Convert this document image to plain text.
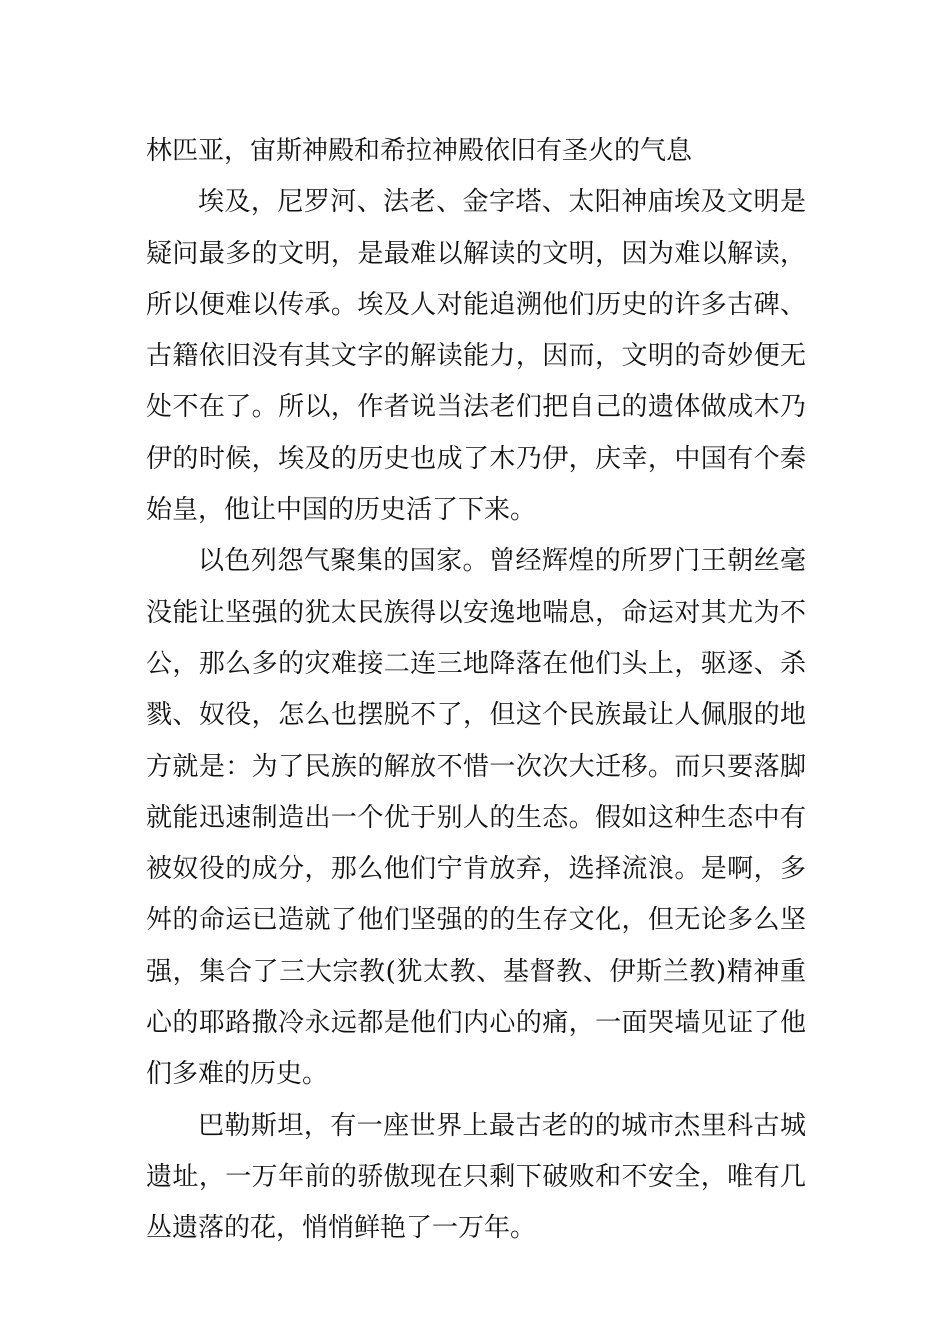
林匹亚，宙斯神殿和希拉神殿依旧有圣火的气息

埃及，尼罗河、法老、金字塔、太阳神庙埃及文明是疑问最多的文明，是最难以解读的文明，因为难以解读，所以便难以传承。埃及人对能追溯他们历史的许多古碑、古籍依旧没有其文字的解读能力，因而，文明的奇妙便无处不在了。所以，作者说当法老们把自己的遗体做成木乃伊的时候，埃及的历史也成了木乃伊，庆幸，中国有个秦始皇，他让中国的历史活了下来。

以色列怨气聚集的国家。曾经辉煌的所罗门王朝丝毫没能让坚强的犹太民族得以安逸地喘息，命运对其尤为不公，那么多的灾难接二连三地降落在他们头上，驱逐、杀戮、奴役，怎么也摆脱不了，但这个民族最让人佩服的地方就是：为了民族的解放不惜一次次大迁移。而只要落脚就能迅速制造出一个优于别人的生态。假如这种生态中有被奴役的成分，那么他们宁肯放弃，选择流浪。是啊，多舛的命运已造就了他们坚强的的生存文化，但无论多么坚强，集合了三大宗教(犹太教、基督教、伊斯兰教)精神重心的耶路撒冷永远都是他们内心的痛，一面哭墙见证了他们多难的历史。

巴勒斯坦，有一座世界上最古老的的城市杰里科古城遗址，一万年前的骄傲现在只剩下破败和不安全，唯有几丛遗落的花，悄悄鲜艳了一万年。
